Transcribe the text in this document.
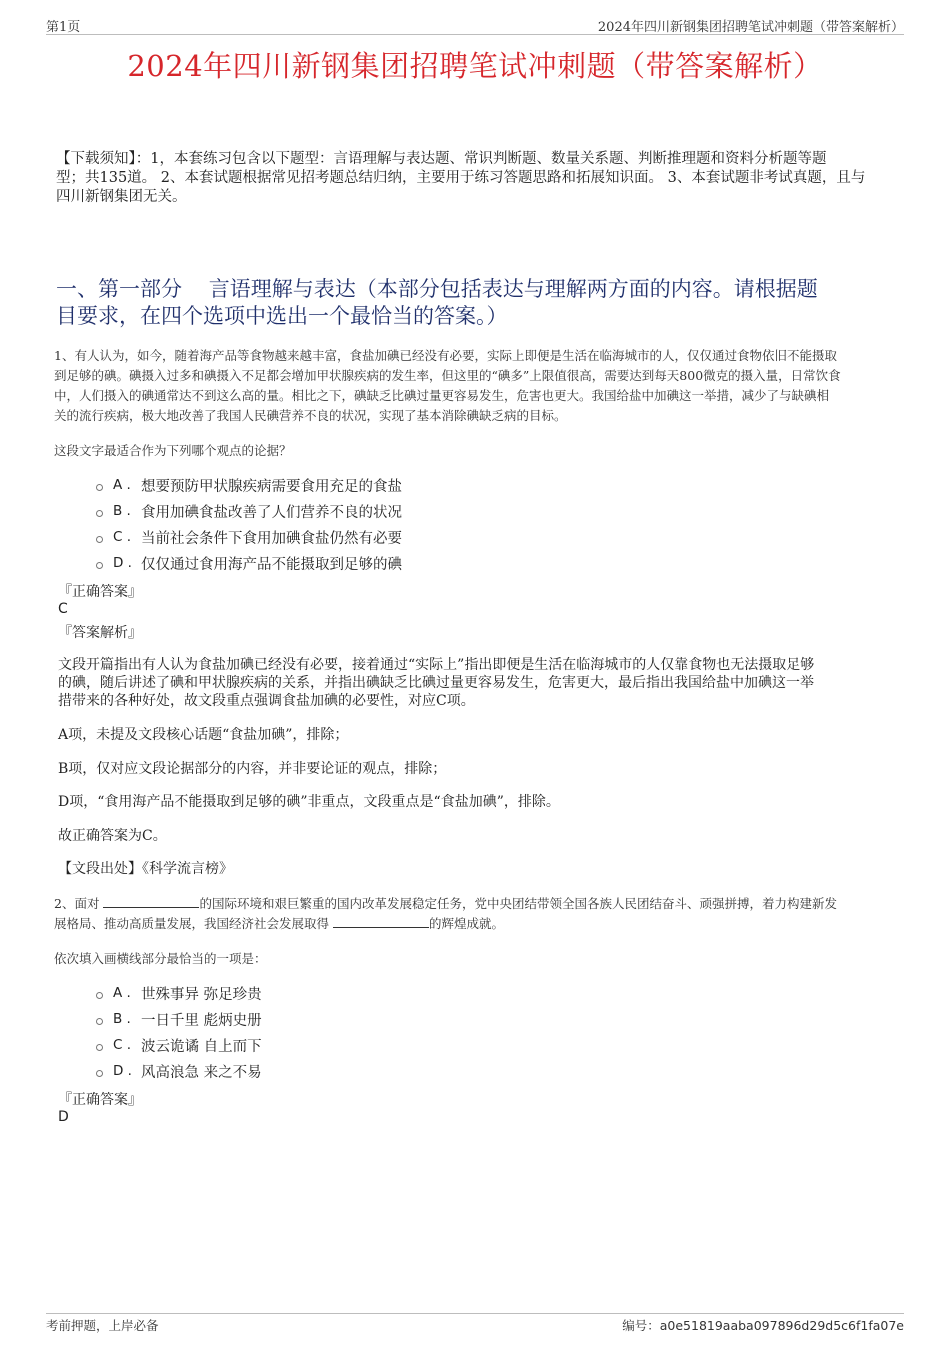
第1页	2024年四川新钢集团招聘笔试冲刺题（带答案解析）
2024年四川新钢集团招聘笔试冲刺题（带答案解析）
【下载须知】：1，本套练习包含以下题型：言语理解与表达题、常识判断题、数量关系题、判断推理题和资料分析题等题
型；共135道。 2、本套试题根据常见招考题总结归纳，主要用于练习答题思路和拓展知识面。 3、本套试题非考试真题，且与
四川新钢集团无关。
一、第一部分    言语理解与表达（本部分包括表达与理解两方面的内容。请根据题
目要求，在四个选项中选出一个最恰当的答案。）
1、有人认为，如今，随着海产品等食物越来越丰富，食盐加碘已经没有必要，实际上即便是生活在临海城市的人，仅仅通过食物依旧不能摄取
到足够的碘。碘摄入过多和碘摄入不足都会增加甲状腺疾病的发生率，但这里的“碘多”上限值很高，需要达到每天800微克的摄入量，日常饮食
中，人们摄入的碘通常达不到这么高的量。相比之下，碘缺乏比碘过量更容易发生，危害也更大。我国给盐中加碘这一举措，减少了与缺碘相
关的流行疾病，极大地改善了我国人民碘营养不良的状况，实现了基本消除碘缺乏病的目标。
这段文字最适合作为下列哪个观点的论据？
A . 想要预防甲状腺疾病需要食用充足的食盐
B . 食用加碘食盐改善了人们营养不良的状况
C . 当前社会条件下食用加碘食盐仍然有必要
D . 仅仅通过食用海产品不能摄取到足够的碘
『正确答案』
C
『答案解析』
文段开篇指出有人认为食盐加碘已经没有必要，接着通过“实际上”指出即便是生活在临海城市的人仅靠食物也无法摄取足够
的碘，随后讲述了碘和甲状腺疾病的关系，并指出碘缺乏比碘过量更容易发生，危害更大，最后指出我国给盐中加碘这一举
措带来的各种好处，故文段重点强调食盐加碘的必要性，对应C项。
A项，未提及文段核心话题“食盐加碘”，排除；
B项，仅对应文段论据部分的内容，并非要论证的观点，排除；
D项，“食用海产品不能摄取到足够的碘”非重点，文段重点是“食盐加碘”，排除。
故正确答案为C。
【文段出处】《科学流言榜》
2、面对	的国际环境和艰巨繁重的国内改革发展稳定任务，党中央团结带领全国各族人民团结奋斗、顽强拼搏，着力构建新发
展格局、推动高质量发展，我国经济社会发展取得	的辉煌成就。
依次填入画横线部分最恰当的一项是：
A . 世殊事异 弥足珍贵
B . 一日千里 彪炳史册
C . 波云诡谲 自上而下
D . 风高浪急 来之不易
『正确答案』
D
考前押题，上岸必备	编号：a0e51819aaba097896d29d5c6f1fa07e
